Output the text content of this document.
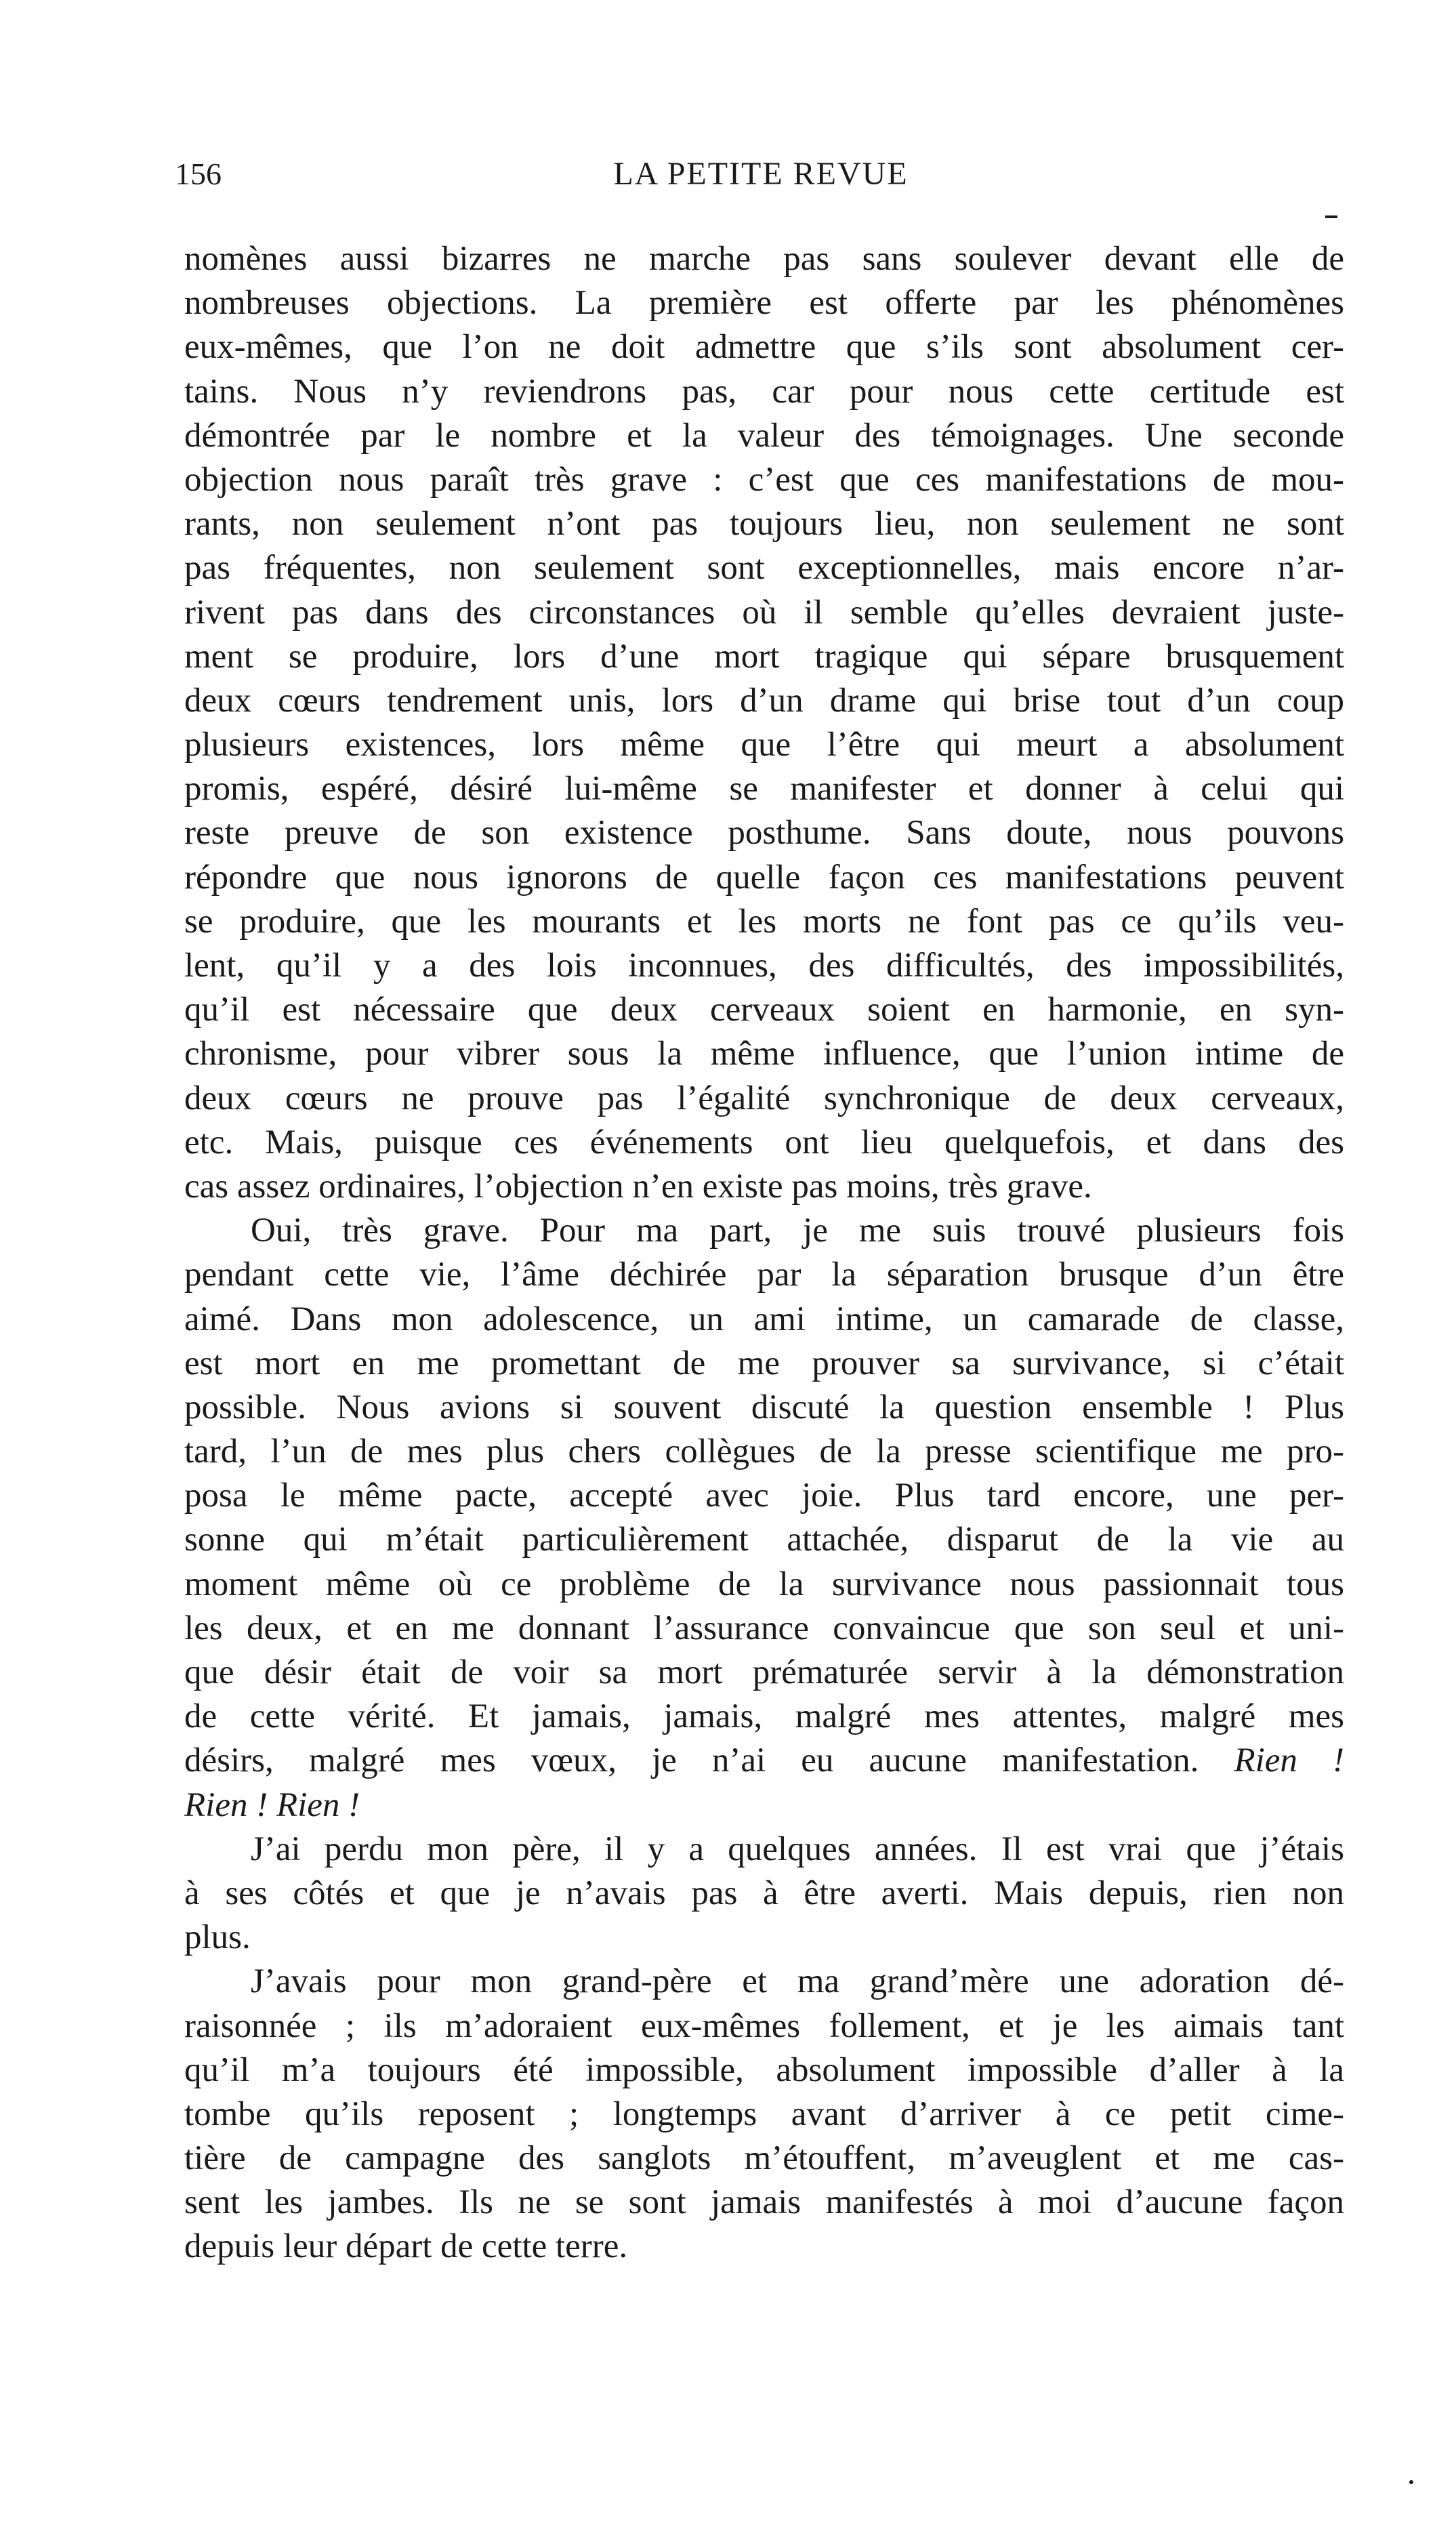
156	LA PETITE REVUE
nomènes aussi bizarres ne marche pas sans soulever devant elle de
nombreuses objections. La première est offerte par les phénomènes
eux-mêmes, que l’on ne doit admettre que s’ils sont absolument cer-
tains. Nous n’y reviendrons pas, car pour nous cette certitude est
démontrée par le nombre et la valeur des témoignages. Une seconde
objection nous paraît très grave : c’est que ces manifestations de mou-
rants, non seulement n’ont pas toujours lieu, non seulement ne sont
pas fréquentes, non seulement sont exceptionnelles, mais encore n’ar-
rivent pas dans des circonstances où il semble qu’elles devraient juste-
ment se produire, lors d’une mort tragique qui sépare brusquement
deux cœurs tendrement unis, lors d’un drame qui brise tout d’un coup
plusieurs existences, lors même que l’être qui meurt a absolument
promis, espéré, désiré lui-même se manifester et donner à celui qui
reste preuve de son existence posthume. Sans doute, nous pouvons
répondre que nous ignorons de quelle façon ces manifestations peuvent
se produire, que les mourants et les morts ne font pas ce qu’ils veu-
lent, qu’il y a des lois inconnues, des difficultés, des impossibilités,
qu’il est nécessaire que deux cerveaux soient en harmonie, en syn-
chronisme, pour vibrer sous la même influence, que l’union intime de
deux cœurs ne prouve pas l’égalité synchronique de deux cerveaux,
etc. Mais, puisque ces événements ont lieu quelquefois, et dans des
cas assez ordinaires, l’objection n’en existe pas moins, très grave.
Oui, très grave. Pour ma part, je me suis trouvé plusieurs fois
pendant cette vie, l’âme déchirée par la séparation brusque d’un être
aimé. Dans mon adolescence, un ami intime, un camarade de classe,
est mort en me promettant de me prouver sa survivance, si c’était
possible. Nous avions si souvent discuté la question ensemble ! Plus
tard, l’un de mes plus chers collègues de la presse scientifique me pro-
posa le même pacte, accepté avec joie. Plus tard encore, une per-
sonne qui m’était particulièrement attachée, disparut de la vie au
moment même où ce problème de la survivance nous passionnait tous
les deux, et en me donnant l’assurance convaincue que son seul et uni-
que désir était de voir sa mort prématurée servir à la démonstration
de cette vérité. Et jamais, jamais, malgré mes attentes, malgré mes
désirs, malgré mes vœux, je n’ai eu aucune manifestation. Rien !
Rien ! Rien !
J’ai perdu mon père, il y a quelques années. Il est vrai que j’étais
à ses côtés et que je n’avais pas à être averti. Mais depuis, rien non
plus.
J’avais pour mon grand-père et ma grand’mère une adoration dé-
raisonnée ; ils m’adoraient eux-mêmes follement, et je les aimais tant
qu’il m’a toujours été impossible, absolument impossible d’aller à la
tombe qu’ils reposent ; longtemps avant d’arriver à ce petit cime-
tière de campagne des sanglots m’étouffent, m’aveuglent et me cas-
sent les jambes. Ils ne se sont jamais manifestés à moi d’aucune façon
depuis leur départ de cette terre.
